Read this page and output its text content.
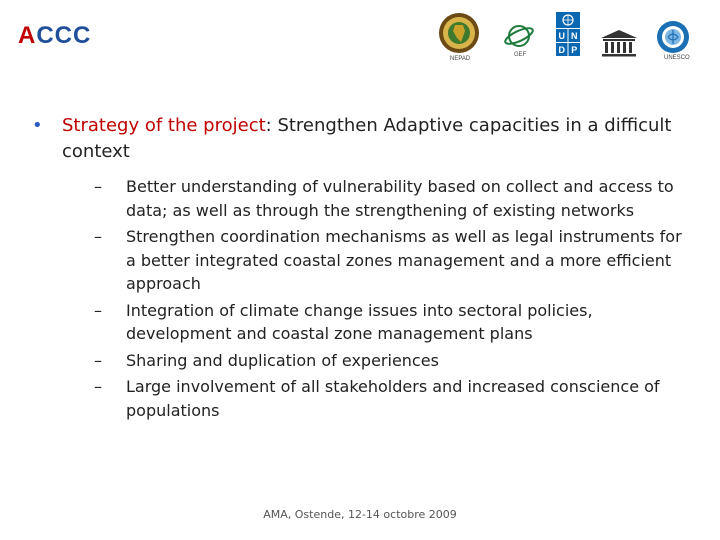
ACCC
NEPAD
GEF
U N
D P
UNESCO
•	Strategy of the project: Strengthen Adaptive capacities in a difficult context
–	Better understanding of vulnerability based on collect and access to data; as well as through the strengthening of existing networks
–	Strengthen coordination mechanisms as well as legal instruments for a better integrated coastal zones management and a more efficient approach
–	Integration of climate change issues into sectoral policies, development and coastal zone management plans
–	Sharing and duplication of experiences
–	Large involvement of all stakeholders and increased conscience of populations
AMA, Ostende, 12-14 octobre 2009
